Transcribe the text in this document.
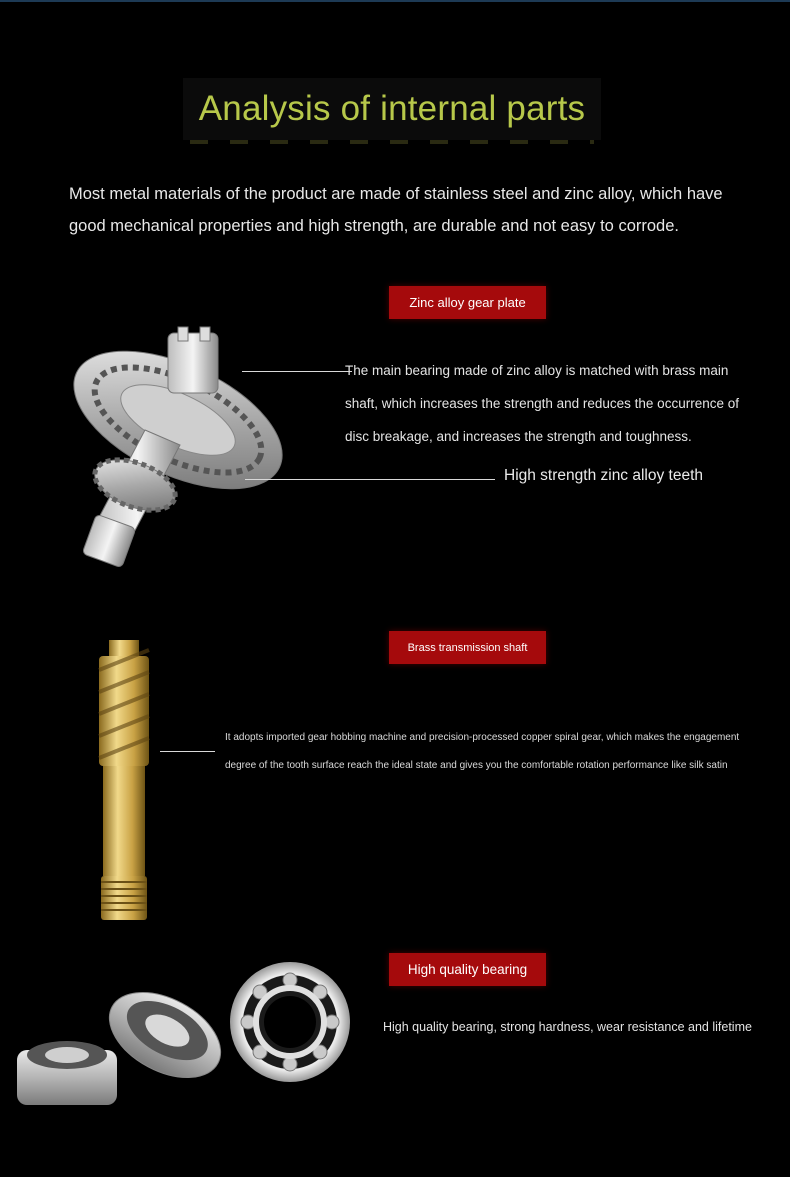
Analysis of internal parts
Most metal materials of the product are made of stainless steel and zinc alloy, which have good mechanical properties and high strength, are durable and not easy to corrode.
Zinc alloy gear plate
The main bearing made of zinc alloy is matched with brass main shaft, which increases the strength and reduces the occurrence of disc breakage, and increases the strength and toughness.
High strength zinc alloy teeth
Brass transmission shaft
It adopts imported gear hobbing machine and precision-processed copper spiral gear, which makes the engagement
degree of the tooth surface reach the ideal state and gives you the comfortable rotation performance like silk satin
High quality bearing
High quality bearing, strong hardness, wear resistance and lifetime
